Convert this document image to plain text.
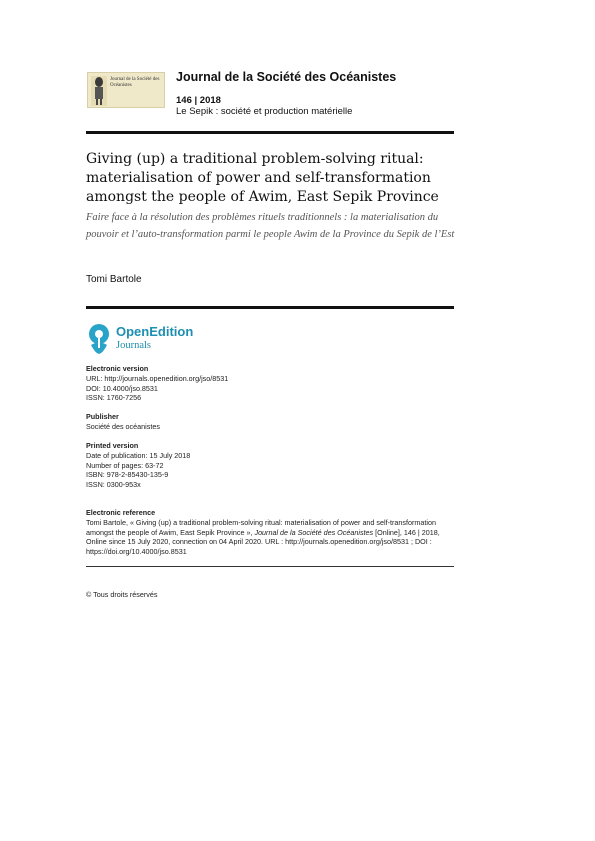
Journal de la Société des Océanistes
Journal de la Société des Océanistes
146 | 2018
Le Sepik : société et production matérielle
Giving (up) a traditional problem-solving ritual: materialisation of power and self-transformation amongst the people of Awim, East Sepik Province
Faire face à la résolution des problèmes rituels traditionnels : la materialisation du pouvoir et l’auto-transformation parmi le people Awim de la Province du Sepik de l’Est
Tomi Bartole
OpenEdition
Journals
Electronic version
URL: http://journals.openedition.org/jso/8531
DOI: 10.4000/jso.8531
ISSN: 1760-7256
Publisher
Société des océanistes
Printed version
Date of publication: 15 July 2018
Number of pages: 63-72
ISBN: 978-2-85430-135-9
ISSN: 0300-953x
Electronic reference
Tomi Bartole, « Giving (up) a traditional problem-solving ritual: materialisation of power and self-transformation amongst the people of Awim, East Sepik Province », Journal de la Société des Océanistes [Online], 146 | 2018, Online since 15 July 2020, connection on 04 April 2020. URL : http://journals.openedition.org/jso/8531 ; DOI : https://doi.org/10.4000/jso.8531
© Tous droits réservés
